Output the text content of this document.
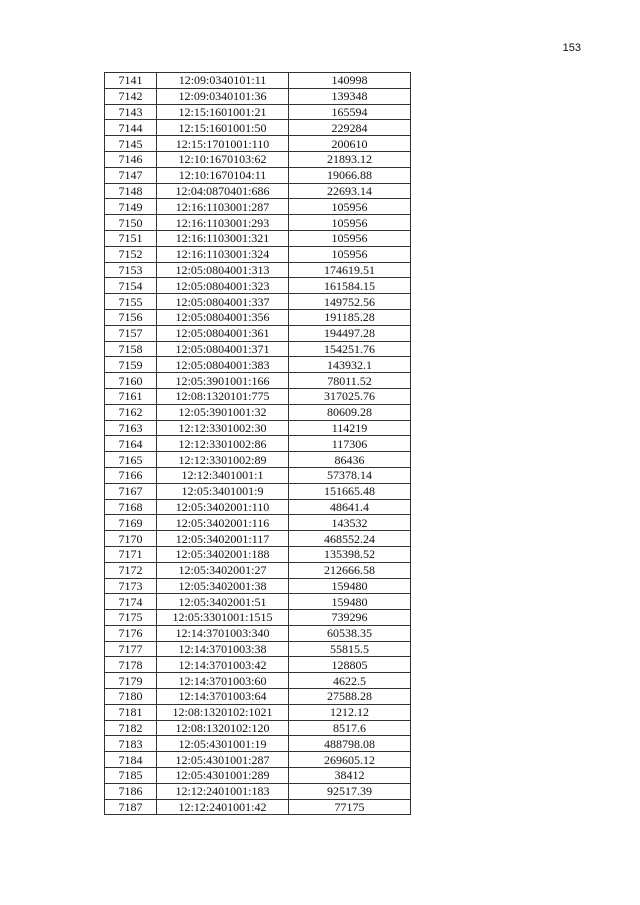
153
7141	12:09:0340101:11	140998
7142	12:09:0340101:36	139348
7143	12:15:1601001:21	165594
7144	12:15:1601001:50	229284
7145	12:15:1701001:110	200610
7146	12:10:1670103:62	21893.12
7147	12:10:1670104:11	19066.88
7148	12:04:0870401:686	22693.14
7149	12:16:1103001:287	105956
7150	12:16:1103001:293	105956
7151	12:16:1103001:321	105956
7152	12:16:1103001:324	105956
7153	12:05:0804001:313	174619.51
7154	12:05:0804001:323	161584.15
7155	12:05:0804001:337	149752.56
7156	12:05:0804001:356	191185.28
7157	12:05:0804001:361	194497.28
7158	12:05:0804001:371	154251.76
7159	12:05:0804001:383	143932.1
7160	12:05:3901001:166	78011.52
7161	12:08:1320101:775	317025.76
7162	12:05:3901001:32	80609.28
7163	12:12:3301002:30	114219
7164	12:12:3301002:86	117306
7165	12:12:3301002:89	86436
7166	12:12:3401001:1	57378.14
7167	12:05:3401001:9	151665.48
7168	12:05:3402001:110	48641.4
7169	12:05:3402001:116	143532
7170	12:05:3402001:117	468552.24
7171	12:05:3402001:188	135398.52
7172	12:05:3402001:27	212666.58
7173	12:05:3402001:38	159480
7174	12:05:3402001:51	159480
7175	12:05:3301001:1515	739296
7176	12:14:3701003:340	60538.35
7177	12:14:3701003:38	55815.5
7178	12:14:3701003:42	128805
7179	12:14:3701003:60	4622.5
7180	12:14:3701003:64	27588.28
7181	12:08:1320102:1021	1212.12
7182	12:08:1320102:120	8517.6
7183	12:05:4301001:19	488798.08
7184	12:05:4301001:287	269605.12
7185	12:05:4301001:289	38412
7186	12:12:2401001:183	92517.39
7187	12:12:2401001:42	77175
